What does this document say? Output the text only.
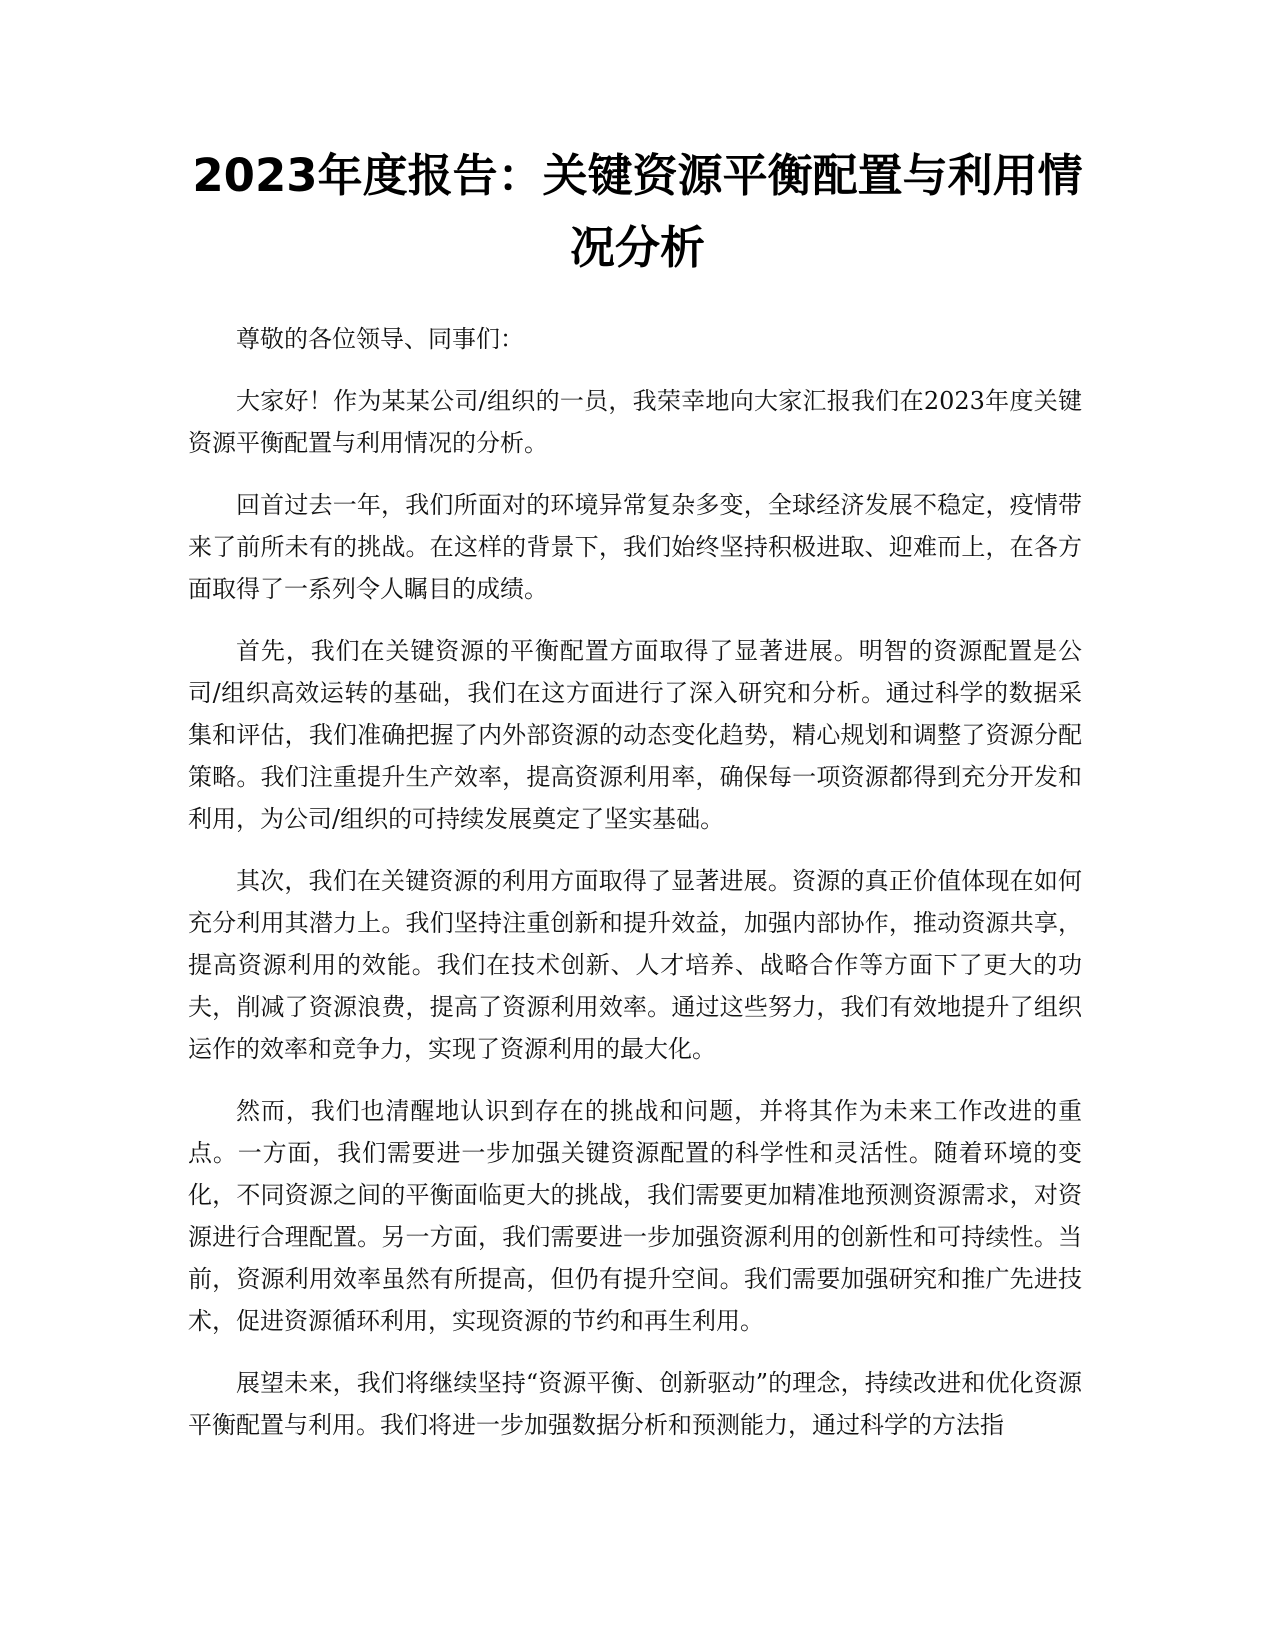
2023年度报告：关键资源平衡配置与利用情况分析

尊敬的各位领导、同事们：

大家好！作为某某公司/组织的一员，我荣幸地向大家汇报我们在2023年度关键资源平衡配置与利用情况的分析。

回首过去一年，我们所面对的环境异常复杂多变，全球经济发展不稳定，疫情带来了前所未有的挑战。在这样的背景下，我们始终坚持积极进取、迎难而上，在各方面取得了一系列令人瞩目的成绩。

首先，我们在关键资源的平衡配置方面取得了显著进展。明智的资源配置是公司/组织高效运转的基础，我们在这方面进行了深入研究和分析。通过科学的数据采集和评估，我们准确把握了内外部资源的动态变化趋势，精心规划和调整了资源分配策略。我们注重提升生产效率，提高资源利用率，确保每一项资源都得到充分开发和利用，为公司/组织的可持续发展奠定了坚实基础。

其次，我们在关键资源的利用方面取得了显著进展。资源的真正价值体现在如何充分利用其潜力上。我们坚持注重创新和提升效益，加强内部协作，推动资源共享，提高资源利用的效能。我们在技术创新、人才培养、战略合作等方面下了更大的功夫，削减了资源浪费，提高了资源利用效率。通过这些努力，我们有效地提升了组织运作的效率和竞争力，实现了资源利用的最大化。

然而，我们也清醒地认识到存在的挑战和问题，并将其作为未来工作改进的重点。一方面，我们需要进一步加强关键资源配置的科学性和灵活性。随着环境的变化，不同资源之间的平衡面临更大的挑战，我们需要更加精准地预测资源需求，对资源进行合理配置。另一方面，我们需要进一步加强资源利用的创新性和可持续性。当前，资源利用效率虽然有所提高，但仍有提升空间。我们需要加强研究和推广先进技术，促进资源循环利用，实现资源的节约和再生利用。

展望未来，我们将继续坚持“资源平衡、创新驱动”的理念，持续改进和优化资源平衡配置与利用。我们将进一步加强数据分析和预测能力，通过科学的方法指
